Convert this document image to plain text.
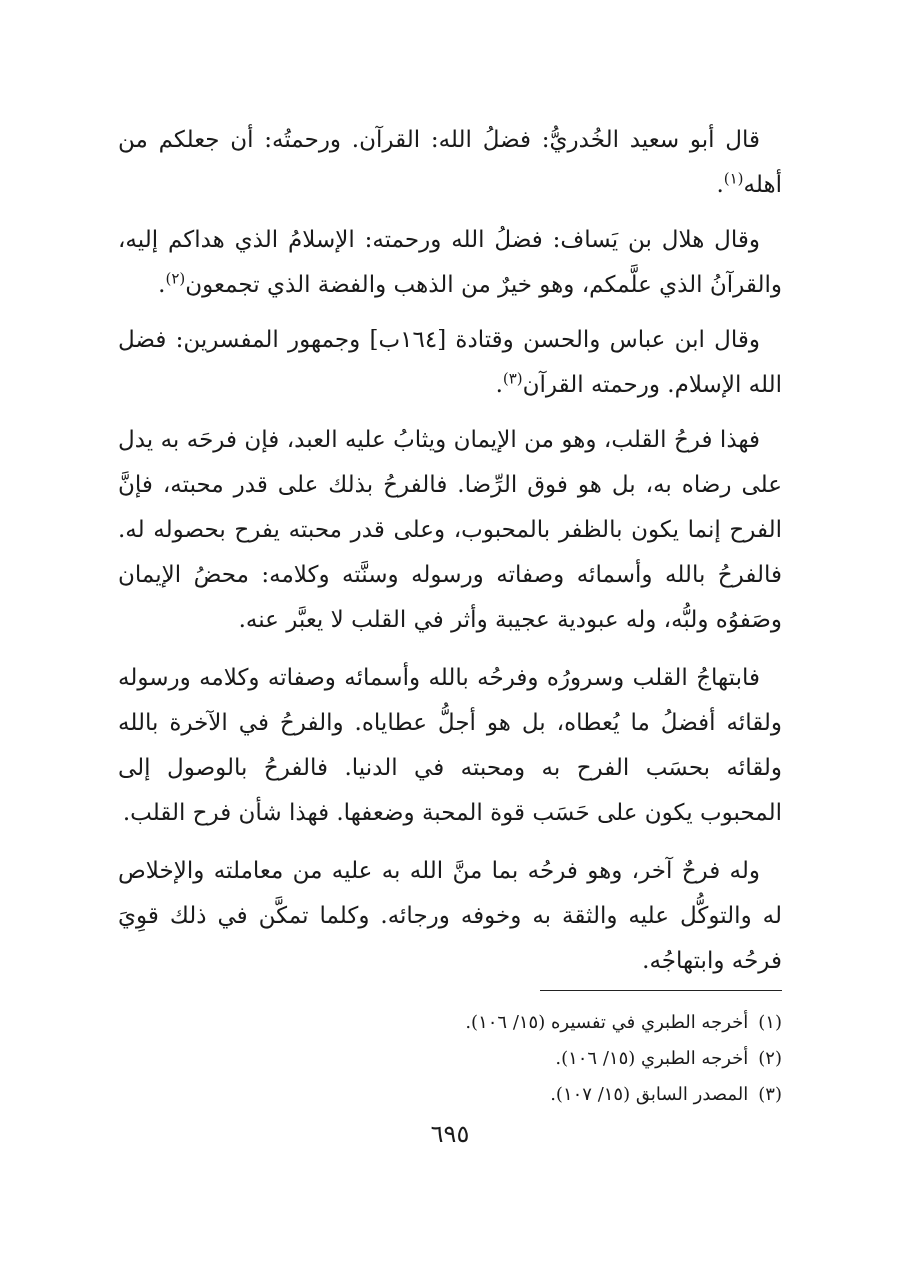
قال أبو سعيد الخُدريُّ: فضلُ الله: القرآن. ورحمتُه: أن جعلكم من أهله$^{(١)}$.

وقال هلال بن يَساف: فضلُ الله ورحمته: الإسلامُ الذي هداكم إليه، والقرآنُ الذي علَّمكم، وهو خيرٌ من الذهب والفضة الذي تجمعون$^{(٢)}$.

وقال ابن عباس والحسن وقتادة [١٦٤ب] وجمهور المفسرين: فضل الله الإسلام. ورحمته القرآن$^{(٣)}$.

فهذا فرحُ القلب، وهو من الإيمان ويثابُ عليه العبد، فإن فرحَه به يدل على رضاه به، بل هو فوق الرِّضا. فالفرحُ بذلك على قدر محبته، فإنَّ الفرح إنما يكون بالظفر بالمحبوب، وعلى قدر محبته يفرح بحصوله له. فالفرحُ بالله وأسمائه وصفاته ورسوله وسنَّته وكلامه: محضُ الإيمان وصَفوُه ولبُّه، وله عبودية عجيبة وأثر في القلب لا يعبَّر عنه.

فابتهاجُ القلب وسرورُه وفرحُه بالله وأسمائه وصفاته وكلامه ورسوله ولقائه أفضلُ ما يُعطاه، بل هو أجلُّ عطاياه. والفرحُ في الآخرة بالله ولقائه بحسَب الفرح به ومحبته في الدنيا. فالفرحُ بالوصول إلى المحبوب يكون على حَسَب قوة المحبة وضعفها. فهذا شأن فرح القلب.

وله فرحٌ آخر، وهو فرحُه بما منَّ الله به عليه من معاملته والإخلاص له والتوكُّل عليه والثقة به وخوفه ورجائه. وكلما تمكَّن في ذلك قوِيَ فرحُه وابتهاجُه.

(١)أخرجه الطبري في تفسيره (١٥/ ١٠٦).
(٢)أخرجه الطبري (١٥/ ١٠٦).
(٣)المصدر السابق (١٥/ ١٠٧).
٦٩٥
